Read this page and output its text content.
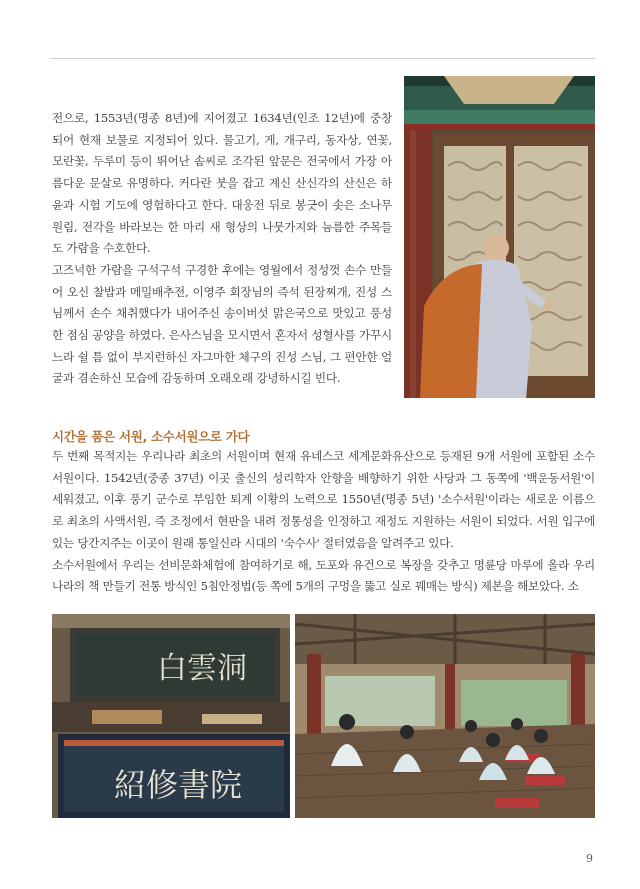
전으로, 1553년(명종 8년)에 지어졌고 1634년(인조 12년)에 중창되어 현재 보물로 지정되어 있다. 물고기, 게, 개구리, 동자상, 연꽃, 모란꽃, 두루미 등이 뛰어난 솜씨로 조각된 앞문은 전국에서 가장 아름다운 문살로 유명하다. 커다란 붓을 잡고 계신 산신각의 산신은 하윤과 시험 기도에 영험하다고 한다. 대웅전 뒤로 봉긋이 솟은 소나무 원림, 전각을 바라보는 한 마리 새 형상의 나뭇가지와 늠름한 주목들도 가람을 수호한다.

고즈넉한 가람을 구석구석 구경한 후에는 영월에서 정성껏 손수 만들어 오신 찰밥과 메밀배추전, 이영주 회장님의 즉석 된장찌개, 진성 스님께서 손수 채취했다가 내어주신 송이버섯 맑은국으로 맛있고 풍성한 점심 공양을 하였다. 은사스님을 모시면서 혼자서 성혈사를 가꾸시느라 쉴 틈 없이 부지런하신 자그마한 체구의 진성 스님, 그 편안한 얼굴과 겸손하신 모습에 감동하며 오래오래 강녕하시길 빈다.

시간을 품은 서원, 소수서원으로 가다

두 번째 목적지는 우리나라 최초의 서원이며 현재 유네스코 세계문화유산으로 등재된 9개 서원에 포함된 소수서원이다. 1542년(중종 37년) 이곳 출신의 성리학자 안향을 배향하기 위한 사당과 그 동쪽에 '백운동서원'이 세워졌고, 이후 풍기 군수로 부임한 퇴계 이황의 노력으로 1550년(명종 5년) '소수서원'이라는 새로운 이름으로 최초의 사액서원, 즉 조정에서 현판을 내려 정통성을 인정하고 재정도 지원하는 서원이 되었다. 서원 입구에 있는 당간지주는 이곳이 원래 통일신라 시대의 '숙수사' 절터였음을 알려주고 있다.

소수서원에서 우리는 선비문화체험에 참여하기로 해, 도포와 유건으로 복장을 갖추고 명륜당 마루에 올라 우리나라의 책 만들기 전통 방식인 5침안정법(등 쪽에 5개의 구멍을 뚫고 실로 꿰매는 방식) 제본을 해보았다. 소

白雲洞
紹修書院
9
